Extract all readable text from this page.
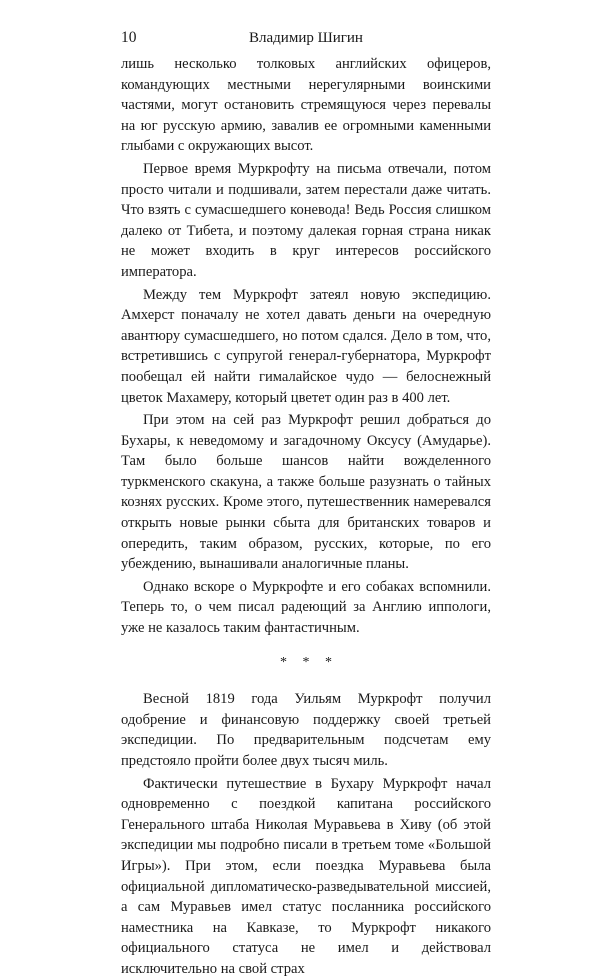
10	Владимир Шигин

лишь несколько толковых английских офицеров, командующих местными нерегулярными воинскими частями, могут остановить стремящуюся через перевалы на юг русскую армию, завалив ее огромными каменными глыбами с окружающих высот.

Первое время Муркрофту на письма отвечали, потом просто читали и подшивали, затем перестали даже читать. Что взять с сумасшедшего коневода! Ведь Россия слишком далеко от Тибета, и поэтому далекая горная страна никак не может входить в круг интересов российского императора.

Между тем Муркрофт затеял новую экспедицию. Амхерст поначалу не хотел давать деньги на очередную авантюру сумасшедшего, но потом сдался. Дело в том, что, встретившись с супругой генерал-губернатора, Муркрофт пообещал ей найти гималайское чудо — белоснежный цветок Махамеру, который цветет один раз в 400 лет.

При этом на сей раз Муркрофт решил добраться до Бухары, к неведомому и загадочному Оксусу (Амударье). Там было больше шансов найти вожделенного туркменского скакуна, а также больше разузнать о тайных кознях русских. Кроме этого, путешественник намеревался открыть новые рынки сбыта для британских товаров и опередить, таким образом, русских, которые, по его убеждению, вынашивали аналогичные планы.

Однако вскоре о Муркрофте и его собаках вспомнили. Теперь то, о чем писал радеющий за Англию иппологи, уже не казалось таким фантастичным.

* * *

Весной 1819 года Уильям Муркрофт получил одобрение и финансовую поддержку своей третьей экспедиции. По предварительным подсчетам ему предстояло пройти более двух тысяч миль.

Фактически путешествие в Бухару Муркрофт начал одновременно с поездкой капитана российского Генерального штаба Николая Муравьева в Хиву (об этой экспедиции мы подробно писали в третьем томе «Большой Игры»). При этом, если поездка Муравьева была официальной дипломатическо-разведывательной миссией, а сам Муравьев имел статус посланника российского наместника на Кавказе, то Муркрофт никакого официального статуса не имел и действовал исключительно на свой страх
